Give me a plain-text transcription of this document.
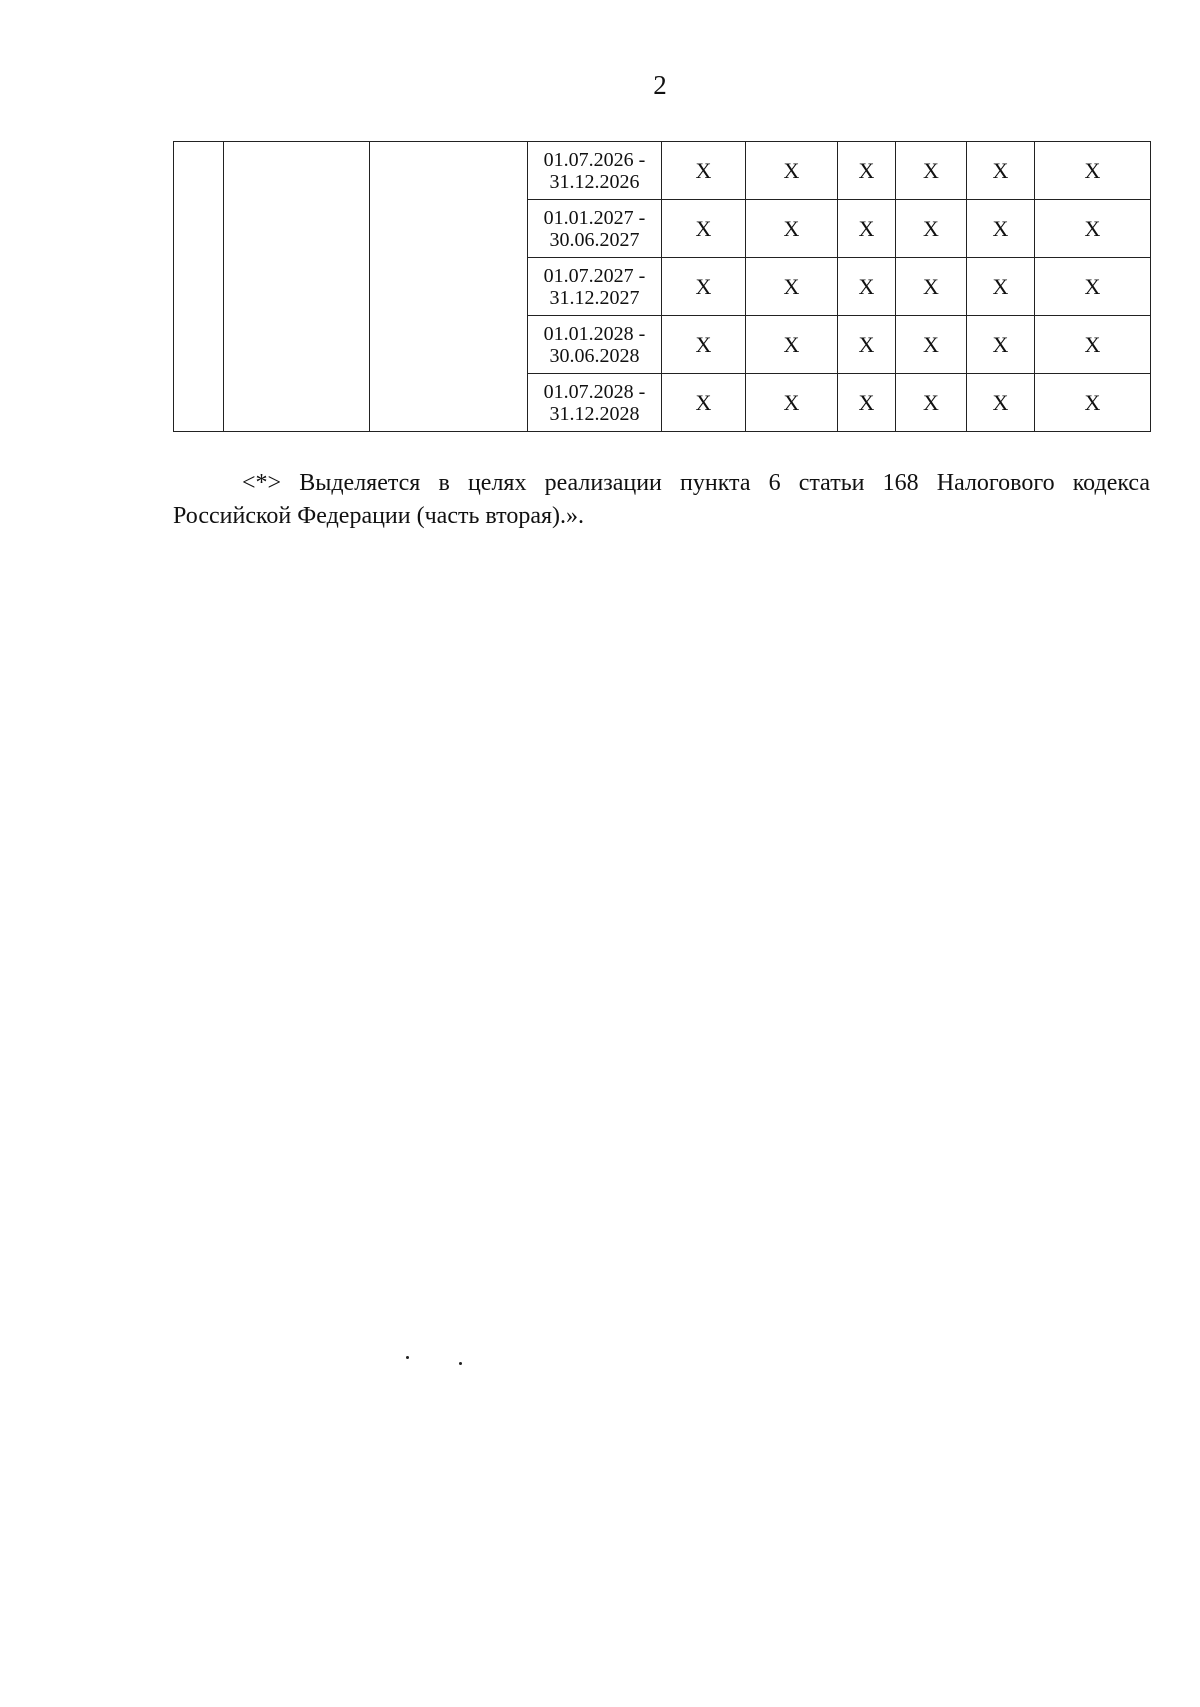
2

			01.07.2026 -
31.12.2026	Х	Х	Х	Х	Х	Х

			01.01.2027 -
30.06.2027	Х	Х	Х	Х	Х	Х

			01.07.2027 -
31.12.2027	Х	Х	Х	Х	Х	Х

			01.01.2028 -
30.06.2028	Х	Х	Х	Х	Х	Х

			01.07.2028 -
31.12.2028	Х	Х	Х	Х	Х	Х

<*> Выделяется в целях реализации пункта 6 статьи 168 Налогового кодекса Российской Федерации (часть вторая).».
